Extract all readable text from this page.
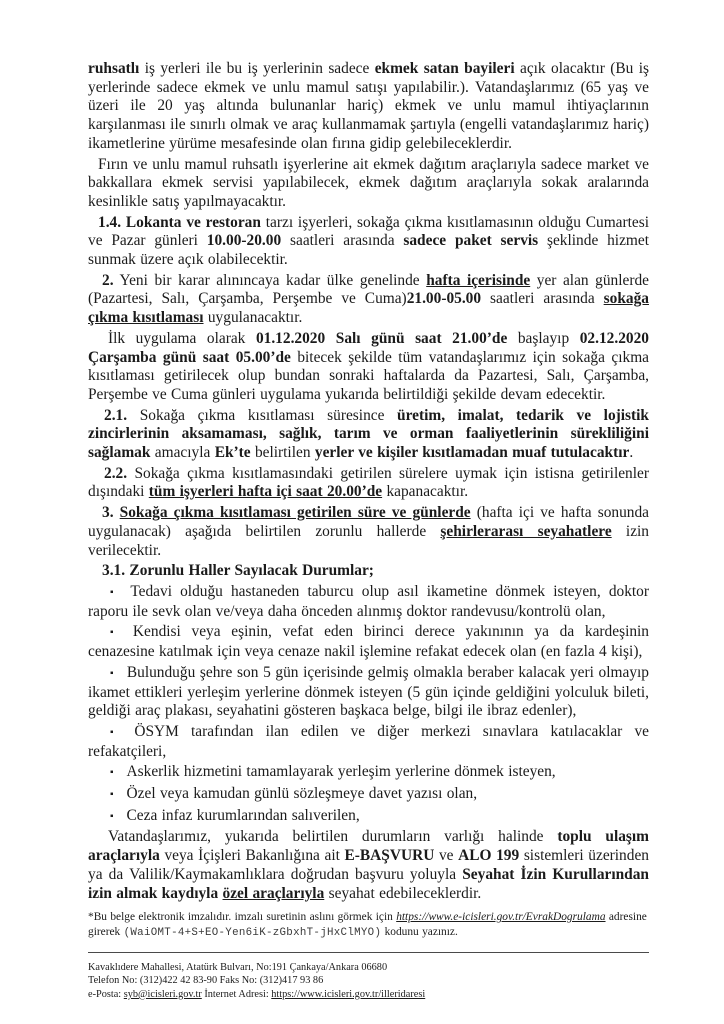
ruhsatlı iş yerleri ile bu iş yerlerinin sadece ekmek satan bayileri açık olacaktır (Bu iş yerlerinde sadece ekmek ve unlu mamul satışı yapılabilir.). Vatandaşlarımız (65 yaş ve üzeri ile 20 yaş altında bulunanlar hariç) ekmek ve unlu mamul ihtiyaçlarının karşılanması ile sınırlı olmak ve araç kullanmamak şartıyla (engelli vatandaşlarımız hariç) ikametlerine yürüme mesafesinde olan fırına gidip gelebileceklerdir.

Fırın ve unlu mamul ruhsatlı işyerlerine ait ekmek dağıtım araçlarıyla sadece market ve bakkallara ekmek servisi yapılabilecek, ekmek dağıtım araçlarıyla sokak aralarında kesinlikle satış yapılmayacaktır.

1.4. Lokanta ve restoran tarzı işyerleri, sokağa çıkma kısıtlamasının olduğu Cumartesi ve Pazar günleri 10.00-20.00 saatleri arasında sadece paket servis şeklinde hizmet sunmak üzere açık olabilecektir.

2. Yeni bir karar alınıncaya kadar ülke genelinde hafta içerisinde yer alan günlerde (Pazartesi, Salı, Çarşamba, Perşembe ve Cuma)21.00-05.00 saatleri arasında sokağa çıkma kısıtlaması uygulanacaktır.

İlk uygulama olarak 01.12.2020 Salı günü saat 21.00’de başlayıp 02.12.2020 Çarşamba günü saat 05.00’de bitecek şekilde tüm vatandaşlarımız için sokağa çıkma kısıtlaması getirilecek olup bundan sonraki haftalarda da Pazartesi, Salı, Çarşamba, Perşembe ve Cuma günleri uygulama yukarıda belirtildiği şekilde devam edecektir.

2.1. Sokağa çıkma kısıtlaması süresince üretim, imalat, tedarik ve lojistik zincirlerinin aksamaması, sağlık, tarım ve orman faaliyetlerinin sürekliliğini sağlamak amacıyla Ek’te belirtilen yerler ve kişiler kısıtlamadan muaf tutulacaktır.

2.2. Sokağa çıkma kısıtlamasındaki getirilen sürelere uymak için istisna getirilenler dışındaki tüm işyerleri hafta içi saat 20.00’de kapanacaktır.

3. Sokağa çıkma kısıtlaması getirilen süre ve günlerde (hafta içi ve hafta sonunda uygulanacak) aşağıda belirtilen zorunlu hallerde şehirlerarası seyahatlere izin verilecektir.

3.1. Zorunlu Haller Sayılacak Durumlar;

▪ Tedavi olduğu hastaneden taburcu olup asıl ikametine dönmek isteyen, doktor raporu ile sevk olan ve/veya daha önceden alınmış doktor randevusu/kontrolü olan,

▪ Kendisi veya eşinin, vefat eden birinci derece yakınının ya da kardeşinin cenazesine katılmak için veya cenaze nakil işlemine refakat edecek olan (en fazla 4 kişi),

▪ Bulunduğu şehre son 5 gün içerisinde gelmiş olmakla beraber kalacak yeri olmayıp ikamet ettikleri yerleşim yerlerine dönmek isteyen (5 gün içinde geldiğini yolculuk bileti, geldiği araç plakası, seyahatini gösteren başkaca belge, bilgi ile ibraz edenler),

▪ ÖSYM tarafından ilan edilen ve diğer merkezi sınavlara katılacaklar ve refakatçileri,

▪ Askerlik hizmetini tamamlayarak yerleşim yerlerine dönmek isteyen,

▪ Özel veya kamudan günlü sözleşmeye davet yazısı olan,

▪ Ceza infaz kurumlarından salıverilen,

Vatandaşlarımız, yukarıda belirtilen durumların varlığı halinde toplu ulaşım araçlarıyla veya İçişleri Bakanlığına ait E-BAŞVURU ve ALO 199 sistemleri üzerinden ya da Valilik/Kaymakamlıklara doğrudan başvuru yoluyla Seyahat İzin Kurullarından izin almak kaydıyla özel araçlarıyla seyahat edebileceklerdir.

*Bu belge elektronik imzalıdır. imzalı suretinin aslını görmek için https://www.e-icisleri.gov.tr/EvrakDogrulama adresine girerek (WaiOMT-4+S+EO-Yen6iK-zGbxhT-jHxClMYO) kodunu yazınız.

Kavaklıdere Mahallesi, Atatürk Bulvarı, No:191 Çankaya/Ankara 06680

Telefon No: (312)422 42 83-90 Faks No: (312)417 93 86

e-Posta: syb@icisleri.gov.tr İnternet Adresi: https://www.icisleri.gov.tr/illeridaresi
